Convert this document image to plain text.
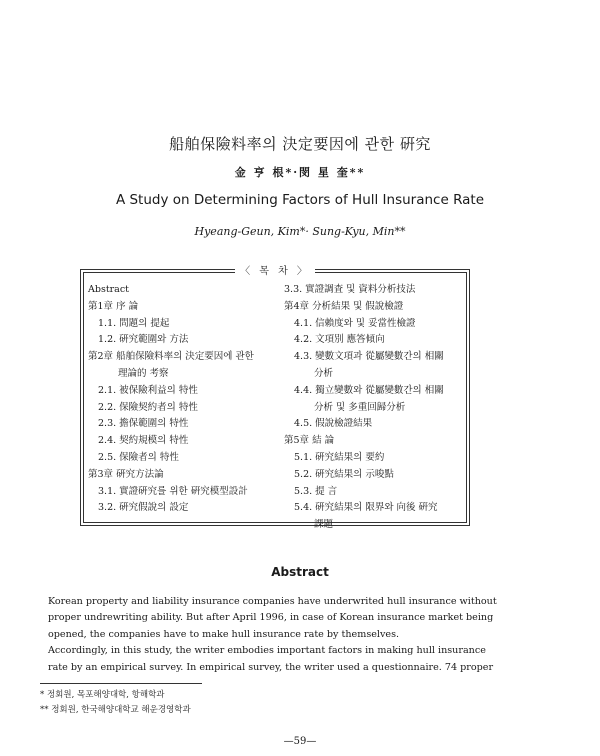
船舶保險料率의 決定要因에 관한 硏究
金 亨 根*·閔 星 奎**
A Study on Determining Factors of Hull Insurance Rate
Hyeang-Geun, Kim*· Sung-Kyu, Min**
〈 목 차 〉
Abstract
第1章 序 論
1.1. 問題의 提起
1.2. 硏究範圍와 方法
第2章 船舶保險料率의 決定要因에 관한
理論的 考察
2.1. 被保險利益의 特性
2.2. 保險契約者의 特性
2.3. 擔保範圍의 特性
2.4. 契約規模의 特性
2.5. 保險者의 特性
第3章 硏究方法論
3.1. 實證硏究를 위한 硏究模型設計
3.2. 硏究假說의 設定
3.3. 實證調査 및 資料分析技法
第4章 分析結果 및 假說檢證
4.1. 信賴度와 및 妥當性檢證
4.2. 文項別 應答傾向
4.3. 變數文項과 從屬變數간의 相關
分析
4.4. 獨立變數와 從屬變數간의 相關
分析 및 多重回歸分析
4.5. 假說檢證結果
第5章 結 論
5.1. 硏究結果의 要約
5.2. 硏究結果의 示唆點
5.3. 提 言
5.4. 硏究結果의 限界와 向後 硏究
課題
Abstract

Korean property and liability insurance companies have underwrited hull insurance without

proper undrewriting ability. But after April 1996, in case of Korean insurance market being

opened, the companies have to make hull insurance rate by themselves.

Accordingly, in this study, the writer embodies important factors in making hull insurance

rate by an empirical survey. In empirical survey, the writer used a questionnaire. 74 proper

* 정회원, 목포해양대학, 항해학과
** 정회원, 한국해양대학교 해운경영학과
—59—
